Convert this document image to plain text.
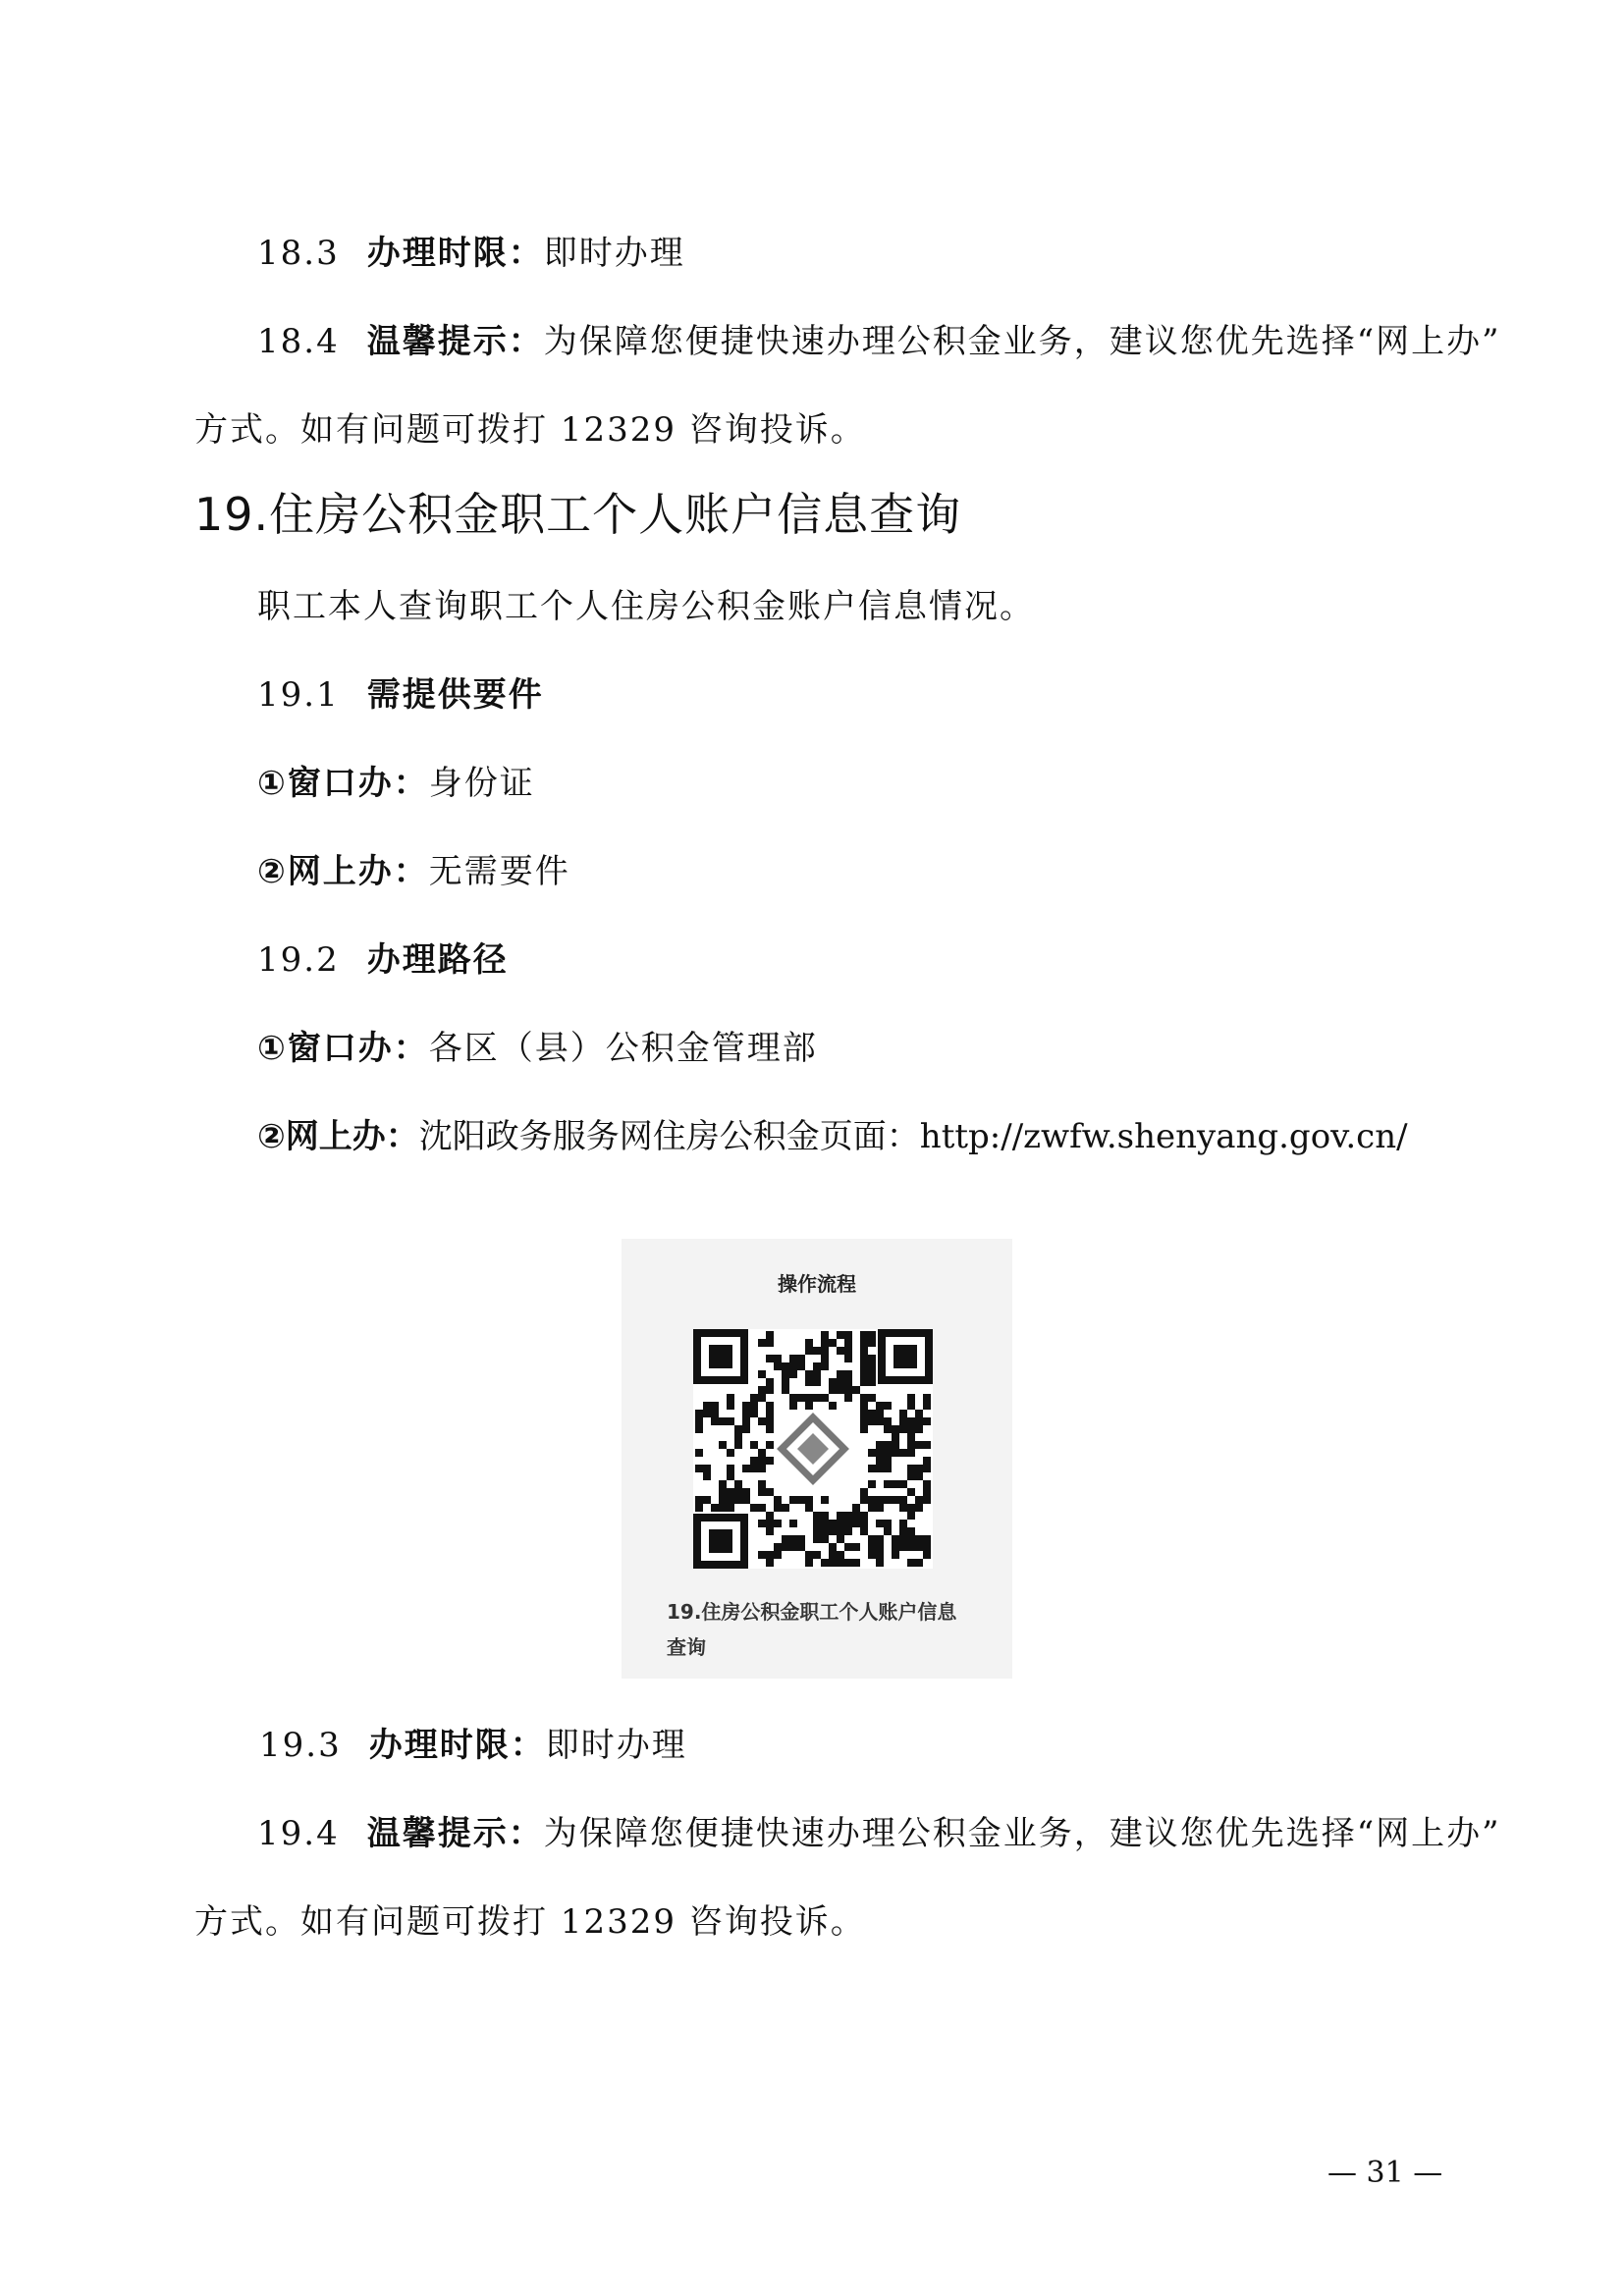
18.3 办理时限：即时办理
18.4 温馨提示：为保障您便捷快速办理公积金业务，建议您优先选择“网上办”
方式。如有问题可拨打 12329 咨询投诉。
19.住房公积金职工个人账户信息查询
职工本人查询职工个人住房公积金账户信息情况。
19.1 需提供要件
①窗口办：身份证
②网上办：无需要件
19.2 办理路径
①窗口办：各区（县）公积金管理部
②网上办：沈阳政务服务网住房公积金页面：http://zwfw.shenyang.gov.cn/
操作流程
19.住房公积金职工个人账户信息
查询
19.3 办理时限：即时办理
19.4 温馨提示：为保障您便捷快速办理公积金业务，建议您优先选择“网上办”
方式。如有问题可拨打 12329 咨询投诉。
— 31 —
